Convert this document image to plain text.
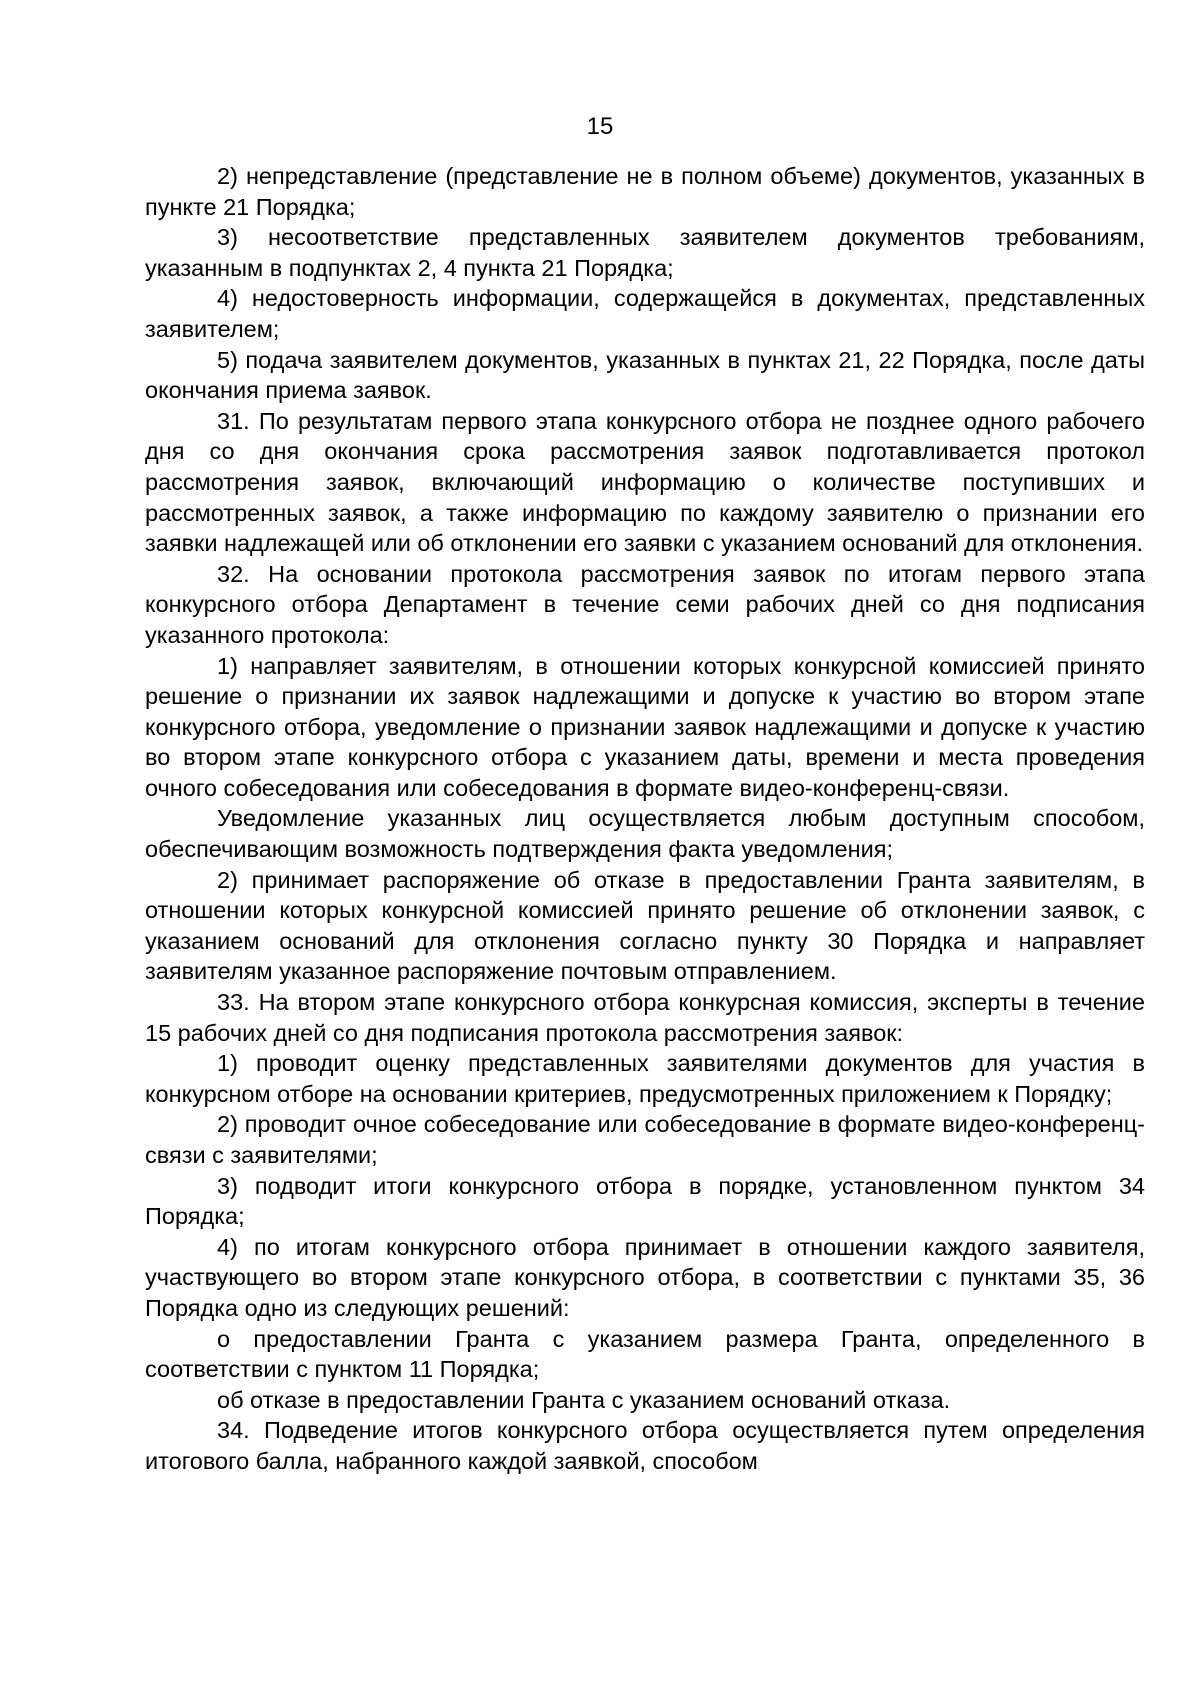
15

2) непредставление (представление не в полном объеме) документов, указанных в пункте 21 Порядка;

3) несоответствие представленных заявителем документов требованиям, указанным в подпунктах 2, 4 пункта 21 Порядка;

4) недостоверность информации, содержащейся в документах, представленных заявителем;

5) подача заявителем документов, указанных в пунктах 21, 22 Порядка, после даты окончания приема заявок.

31. По результатам первого этапа конкурсного отбора не позднее одного рабочего дня со дня окончания срока рассмотрения заявок подготавливается протокол рассмотрения заявок, включающий информацию о количестве поступивших и рассмотренных заявок, а также информацию по каждому заявителю о признании его заявки надлежащей или об отклонении его заявки с указанием оснований для отклонения.

32. На основании протокола рассмотрения заявок по итогам первого этапа конкурсного отбора Департамент в течение семи рабочих дней со дня подписания указанного протокола:

1) направляет заявителям, в отношении которых конкурсной комиссией принято решение о признании их заявок надлежащими и допуске к участию во втором этапе конкурсного отбора, уведомление о признании заявок надлежащими и допуске к участию во втором этапе конкурсного отбора с указанием даты, времени и места проведения очного собеседования или собеседования в формате видео-конференц-связи.

Уведомление указанных лиц осуществляется любым доступным способом, обеспечивающим возможность подтверждения факта уведомления;

2) принимает распоряжение об отказе в предоставлении Гранта заявителям, в отношении которых конкурсной комиссией принято решение об отклонении заявок, с указанием оснований для отклонения согласно пункту 30 Порядка и направляет заявителям указанное распоряжение почтовым отправлением.

33. На втором этапе конкурсного отбора конкурсная комиссия, эксперты в течение 15 рабочих дней со дня подписания протокола рассмотрения заявок:

1) проводит оценку представленных заявителями документов для участия в конкурсном отборе на основании критериев, предусмотренных приложением к Порядку;

2) проводит очное собеседование или собеседование в формате видео-конференц-связи с заявителями;

3) подводит итоги конкурсного отбора в порядке, установленном пунктом 34 Порядка;

4) по итогам конкурсного отбора принимает в отношении каждого заявителя, участвующего во втором этапе конкурсного отбора, в соответствии с пунктами 35, 36 Порядка одно из следующих решений:

о предоставлении Гранта с указанием размера Гранта, определенного в соответствии с пунктом 11 Порядка;

об отказе в предоставлении Гранта с указанием оснований отказа.

34. Подведение итогов конкурсного отбора осуществляется путем определения итогового балла, набранного каждой заявкой, способом
